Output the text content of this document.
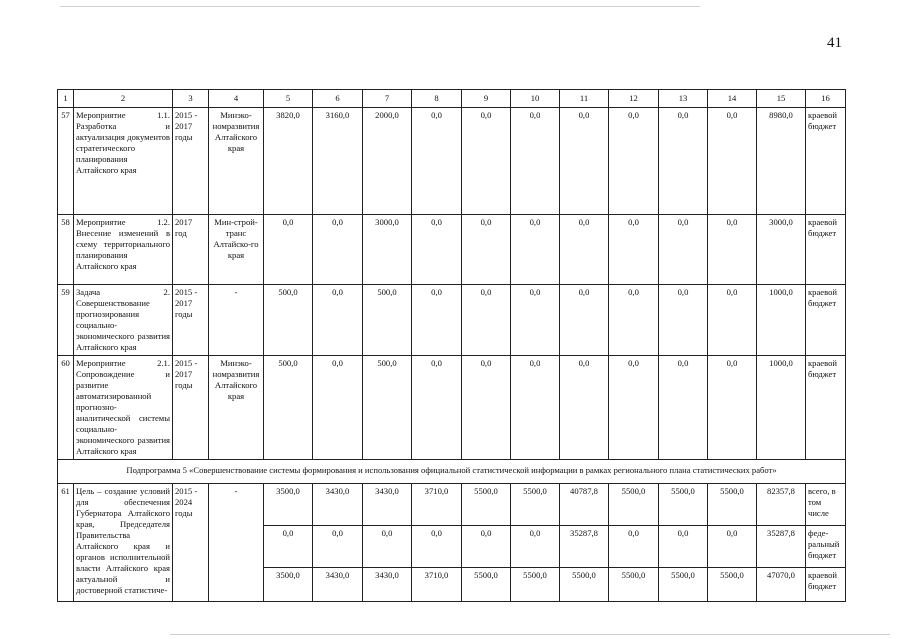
41
1	2	3	4	5	6	7	8	9	10	11	12	13	14	15	16
57	Мероприятие 1.1. Разработка и актуализация документов стратегического планирования Алтайского края	2015 - 2017 годы	Минэко-номразвития Алтайского края	3820,0	3160,0	2000,0	0,0	0,0	0,0	0,0	0,0	0,0	0,0	8980,0	краевой бюджет
58	Мероприятие 1.2. Внесение изменений в схему территориального планирования Алтайского края	2017 год	Мин-строй-транс Алтайско-го края	0,0	0,0	3000,0	0,0	0,0	0,0	0,0	0,0	0,0	0,0	3000,0	краевой бюджет
59	Задача 2. Совершенствование прогнозирования социально-экономического развития Алтайского края	2015 - 2017 годы	-	500,0	0,0	500,0	0,0	0,0	0,0	0,0	0,0	0,0	0,0	1000,0	краевой бюджет
60	Мероприятие 2.1. Сопровождение и развитие автоматизированной прогнозно-аналитической системы социально-экономического развития Алтайского края	2015 - 2017 годы	Минэко-номразвития Алтайского края	500,0	0,0	500,0	0,0	0,0	0,0	0,0	0,0	0,0	0,0	1000,0	краевой бюджет
Подпрограмма 5 «Совершенствование системы формирования и использования официальной статистической информации в рамках регионального плана статистических работ»															
61	Цель – создание условий для обеспечения Губернатора Алтайского края, Председателя Правительства Алтайского края и органов исполнительной власти Алтайского края актуальной и достоверной статистиче-	2015 - 2024 годы	-	3500,0	3430,0	3430,0	3710,0	5500,0	5500,0	40787,8	5500,0	5500,0	5500,0	82357,8	всего, в том числе
				0,0	0,0	0,0	0,0	0,0	0,0	35287,8	0,0	0,0	0,0	35287,8	феде-ральный бюджет
				3500,0	3430,0	3430,0	3710,0	5500,0	5500,0	5500,0	5500,0	5500,0	5500,0	47070,0	краевой бюджет
